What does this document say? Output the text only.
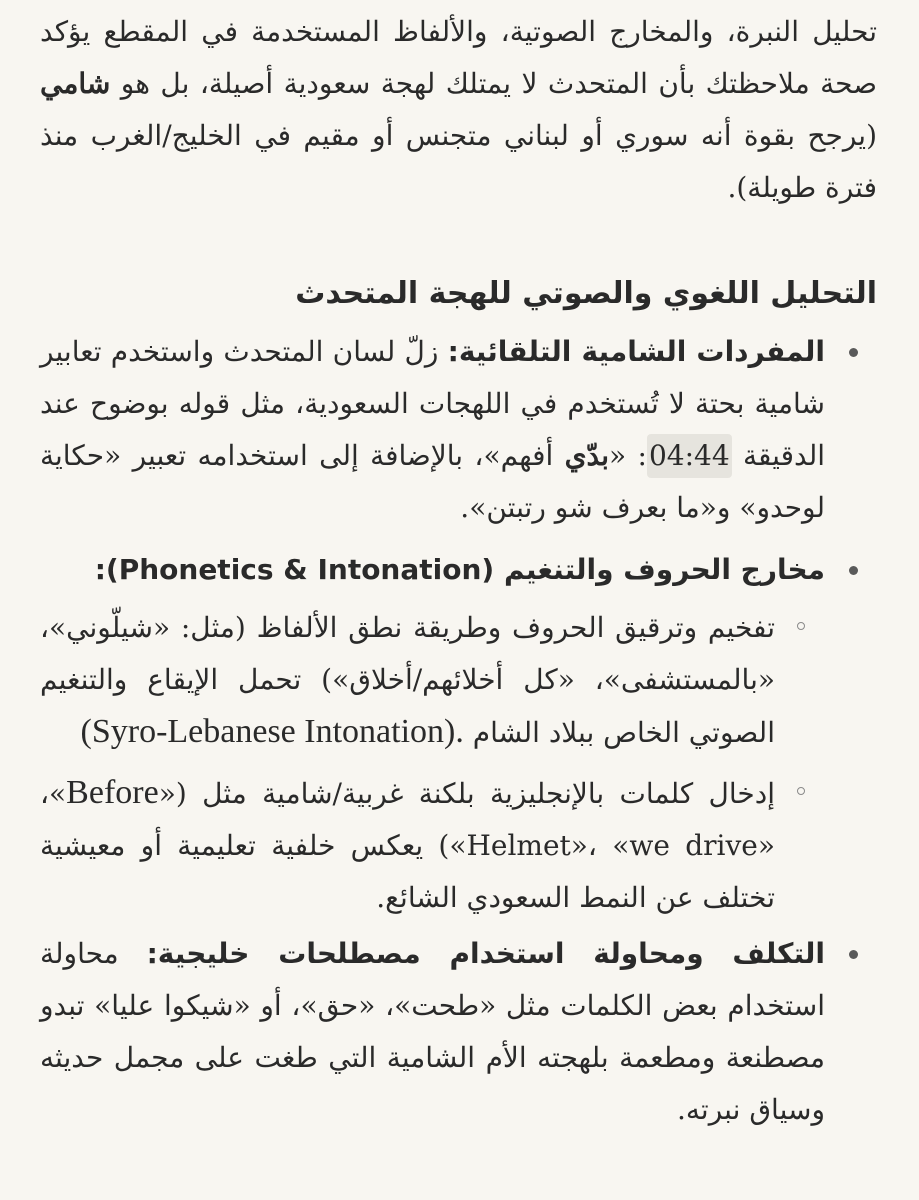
تحليل النبرة، والمخارج الصوتية، والألفاظ المستخدمة في المقطع يؤكد صحة ملاحظتك بأن المتحدث لا يمتلك لهجة سعودية أصيلة، بل هو شامي (يرجح بقوة أنه سوري أو لبناني متجنس أو مقيم في الخليج/الغرب منذ فترة طويلة).

التحليل اللغوي والصوتي للهجة المتحدث
المفردات الشامية التلقائية: زلّ لسان المتحدث واستخدم تعابير شامية بحتة لا تُستخدم في اللهجات السعودية، مثل قوله بوضوح عند الدقيقة 04:44: «بدّي أفهم»، بالإضافة إلى استخدامه تعبير «حكاية لوحدو» و«ما بعرف شو رتبتن».
مخارج الحروف والتنغيم (Phonetics & Intonation):
تفخيم وترقيق الحروف وطريقة نطق الألفاظ (مثل: «شيلّوني»، «بالمستشفى»، «كل أخلائهم/أخلاق») تحمل الإيقاع والتنغيم الصوتي الخاص ببلاد الشام (Syro-Lebanese Intonation).
إدخال كلمات بالإنجليزية بلكنة غربية/شامية مثل («Before»، «Helmet»، «we drive») يعكس خلفية تعليمية أو معيشية تختلف عن النمط السعودي الشائع.
التكلف ومحاولة استخدام مصطلحات خليجية: محاولة استخدام بعض الكلمات مثل «طحت»، «حق»، أو «شيكوا عليا» تبدو مصطنعة ومطعمة بلهجته الأم الشامية التي طغت على مجمل حديثه وسياق نبرته.
